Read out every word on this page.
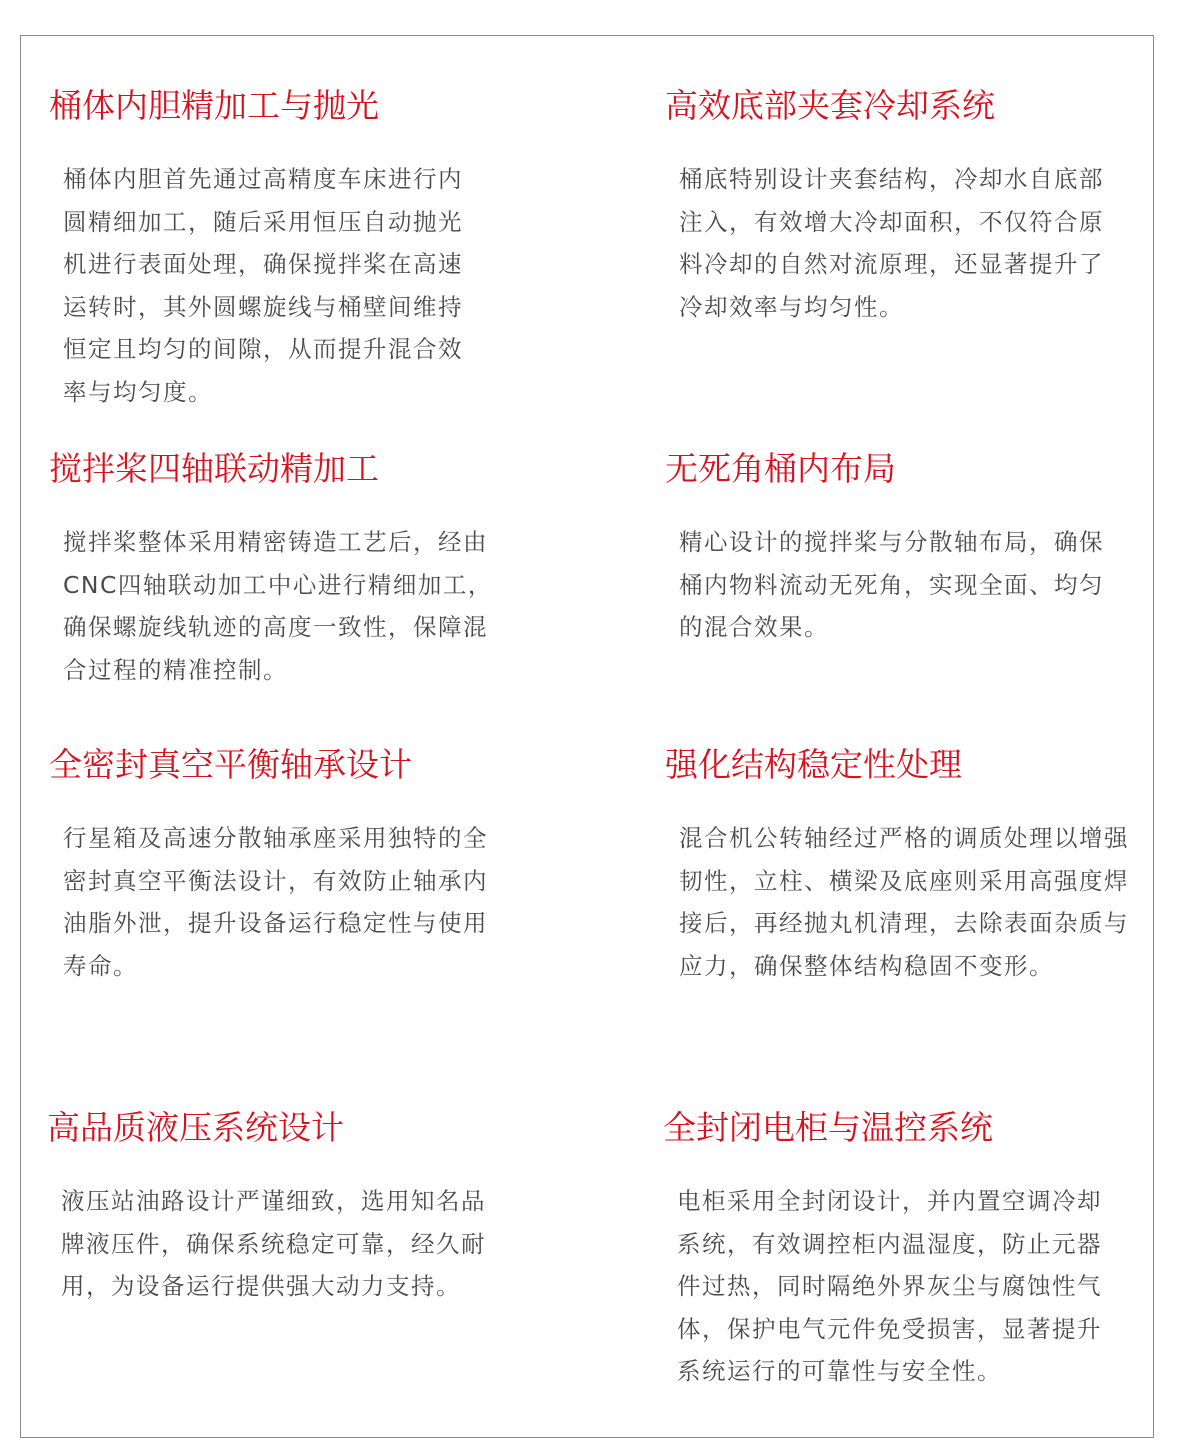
桶体内胆精加工与抛光
桶体内胆首先通过高精度车床进行内
圆精细加工，随后采用恒压自动抛光
机进行表面处理，确保搅拌桨在高速
运转时，其外圆螺旋线与桶壁间维持
恒定且均匀的间隙，从而提升混合效
率与均匀度。
高效底部夹套冷却系统
桶底特别设计夹套结构，冷却水自底部
注入，有效增大冷却面积，不仅符合原
料冷却的自然对流原理，还显著提升了
冷却效率与均匀性。
搅拌桨四轴联动精加工
搅拌桨整体采用精密铸造工艺后，经由
CNC四轴联动加工中心进行精细加工，
确保螺旋线轨迹的高度一致性，保障混
合过程的精准控制。
无死角桶内布局
精心设计的搅拌桨与分散轴布局，确保
桶内物料流动无死角，实现全面、均匀
的混合效果。
全密封真空平衡轴承设计
行星箱及高速分散轴承座采用独特的全
密封真空平衡法设计，有效防止轴承内
油脂外泄，提升设备运行稳定性与使用
寿命。
强化结构稳定性处理
混合机公转轴经过严格的调质处理以增强
韧性，立柱、横梁及底座则采用高强度焊
接后，再经抛丸机清理，去除表面杂质与
应力，确保整体结构稳固不变形。
高品质液压系统设计
液压站油路设计严谨细致，选用知名品
牌液压件，确保系统稳定可靠，经久耐
用，为设备运行提供强大动力支持。
全封闭电柜与温控系统
电柜采用全封闭设计，并内置空调冷却
系统，有效调控柜内温湿度，防止元器
件过热，同时隔绝外界灰尘与腐蚀性气
体，保护电气元件免受损害，显著提升
系统运行的可靠性与安全性。
